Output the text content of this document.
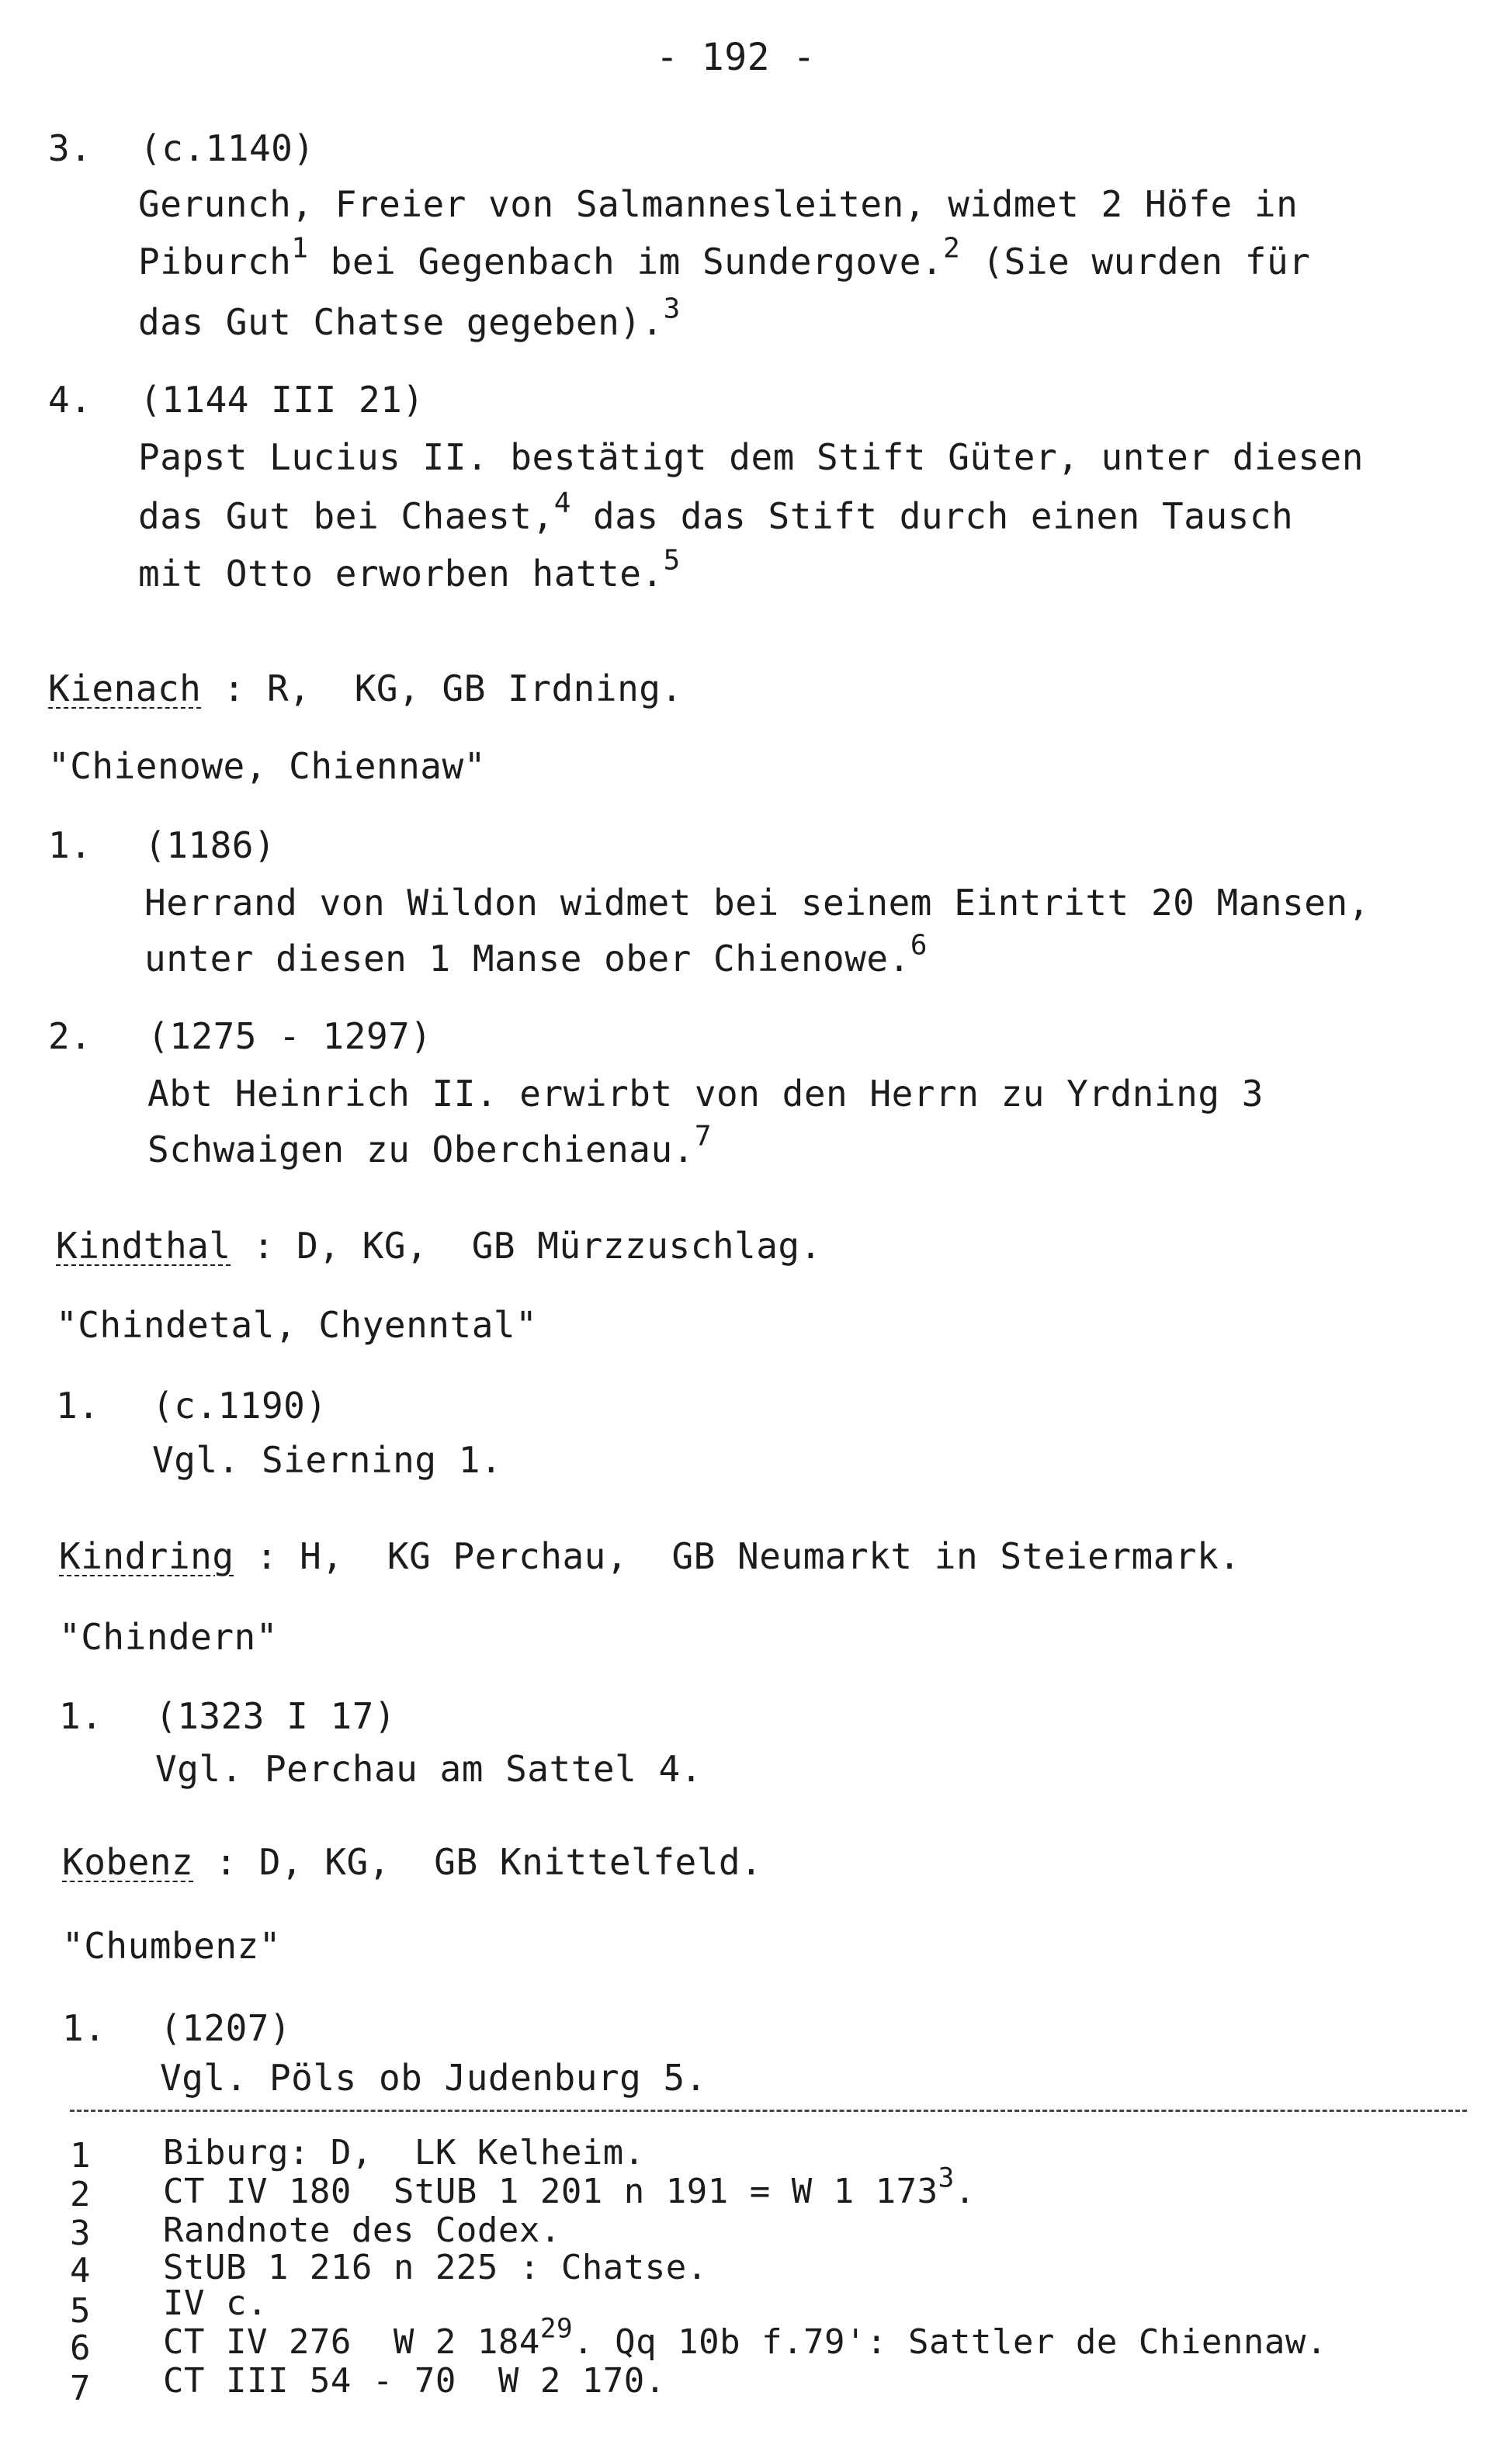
- 192 -
3. (c.1140)
Gerunch, Freier von Salmannesleiten, widmet 2 Höfe in
Piburch$^1$ bei Gegenbach im Sundergove.$^2$ (Sie wurden für
das Gut Chatse gegeben).$^3$
4. (1144 III 21)
Papst Lucius II. bestätigt dem Stift Güter, unter diesen
das Gut bei Chaest,$^4$ das das Stift durch einen Tausch
mit Otto erworben hatte.$^5$
Kienach : R,  KG, GB Irdning.
"Chienowe, Chiennaw"
1. (1186)
Herrand von Wildon widmet bei seinem Eintritt 20 Mansen,
unter diesen 1 Manse ober Chienowe.$^6$
2. (1275 - 1297)
Abt Heinrich II. erwirbt von den Herrn zu Yrdning 3
Schwaigen zu Oberchienau.$^7$
Kindthal : D, KG,  GB Mürzzuschlag.
"Chindetal, Chyenntal"
1. (c.1190)
Vgl. Sierning 1.
Kindring : H,  KG Perchau,  GB Neumarkt in Steiermark.
"Chindern"
1. (1323 I 17)
Vgl. Perchau am Sattel 4.
Kobenz : D, KG,  GB Knittelfeld.
"Chumbenz"
1. (1207)
Vgl. Pöls ob Judenburg 5.
1 Biburg: D,  LK Kelheim.
2 CT IV 180  StUB 1 201 n 191 = W 1 $173^3$.
3 Randnote des Codex.
4 StUB 1 216 n 225 : Chatse.
5 IV c.
6 CT IV 276  W 2 $184^{29}$. Qq 10b f.79': Sattler de Chiennaw.
7 CT III 54 - 70  W 2 170.
